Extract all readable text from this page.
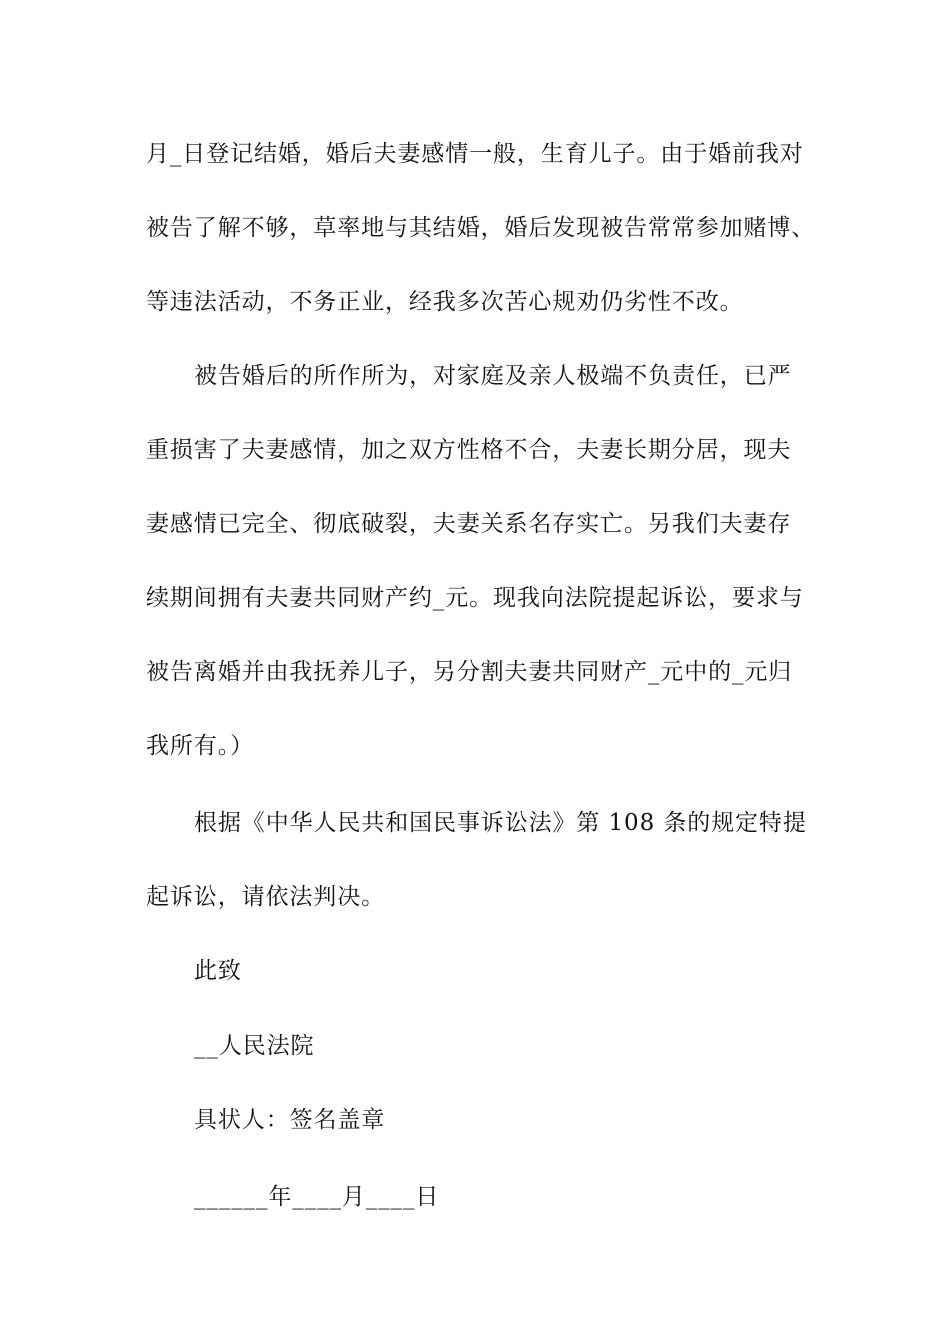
月_日登记结婚，婚后夫妻感情一般，生育儿子。由于婚前我对
被告了解不够，草率地与其结婚，婚后发现被告常常参加赌博、
等违法活动，不务正业，经我多次苦心规劝仍劣性不改。
被告婚后的所作所为，对家庭及亲人极端不负责任，已严
重损害了夫妻感情，加之双方性格不合，夫妻长期分居，现夫
妻感情已完全、彻底破裂，夫妻关系名存实亡。另我们夫妻存
续期间拥有夫妻共同财产约_元。现我向法院提起诉讼，要求与
被告离婚并由我抚养儿子，另分割夫妻共同财产_元中的_元归
我所有。）
根据《中华人民共和国民事诉讼法》第 108 条的规定特提
起诉讼，请依法判决。
此致
__人民法院
具状人：签名盖章
______年____月____日
